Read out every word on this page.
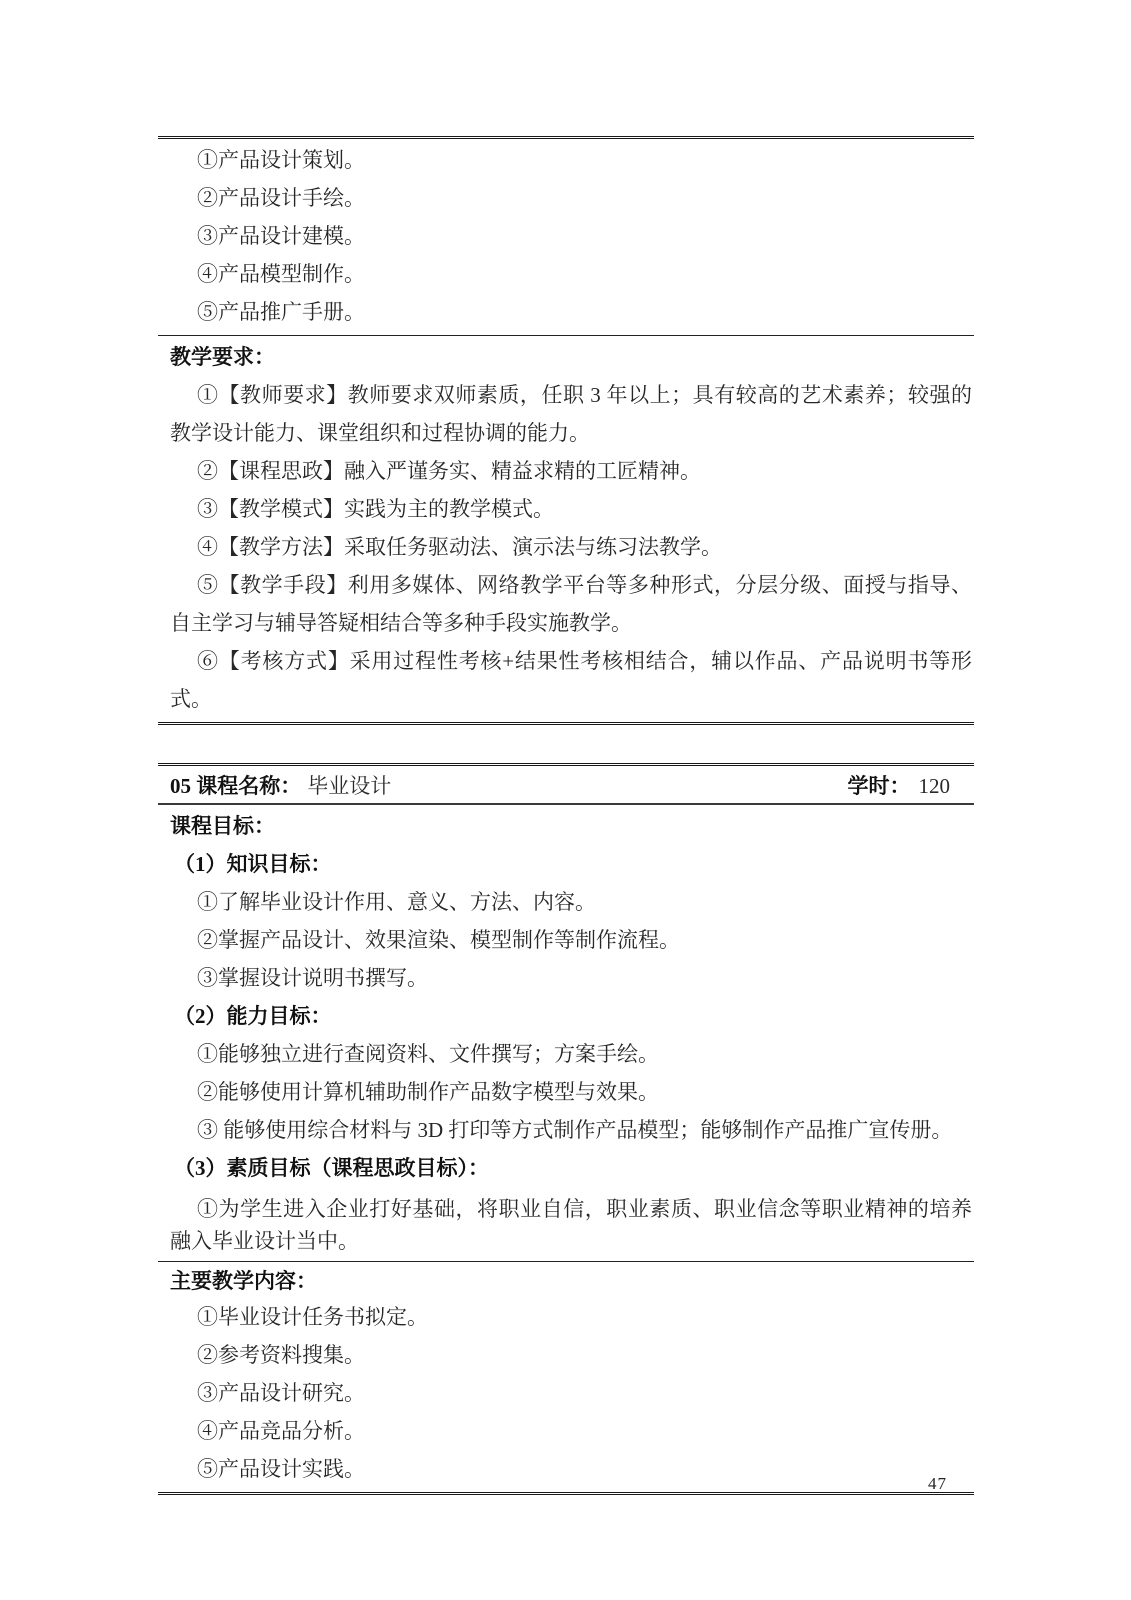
①产品设计策划。

②产品设计手绘。

③产品设计建模。

④产品模型制作。

⑤产品推广手册。

教学要求：

①【教师要求】教师要求双师素质，任职 3 年以上；具有较高的艺术素养；较强的教学设计能力、课堂组织和过程协调的能力。

②【课程思政】融入严谨务实、精益求精的工匠精神。

③【教学模式】实践为主的教学模式。

④【教学方法】采取任务驱动法、演示法与练习法教学。

⑤【教学手段】利用多媒体、网络教学平台等多种形式，分层分级、面授与指导、自主学习与辅导答疑相结合等多种手段实施教学。

⑥【考核方式】采用过程性考核+结果性考核相结合，辅以作品、产品说明书等形式。

05 课程名称： 毕业设计	学时： 120
课程目标：
（1）知识目标：

①了解毕业设计作用、意义、方法、内容。

②掌握产品设计、效果渲染、模型制作等制作流程。

③掌握设计说明书撰写。

（2）能力目标：

①能够独立进行查阅资料、文件撰写；方案手绘。

②能够使用计算机辅助制作产品数字模型与效果。

③ 能够使用综合材料与 3D 打印等方式制作产品模型；能够制作产品推广宣传册。

（3）素质目标（课程思政目标）：

①为学生进入企业打好基础，将职业自信，职业素质、职业信念等职业精神的培养融入毕业设计当中。

主要教学内容：

①毕业设计任务书拟定。

②参考资料搜集。

③产品设计研究。

④产品竞品分析。

⑤产品设计实践。

47
